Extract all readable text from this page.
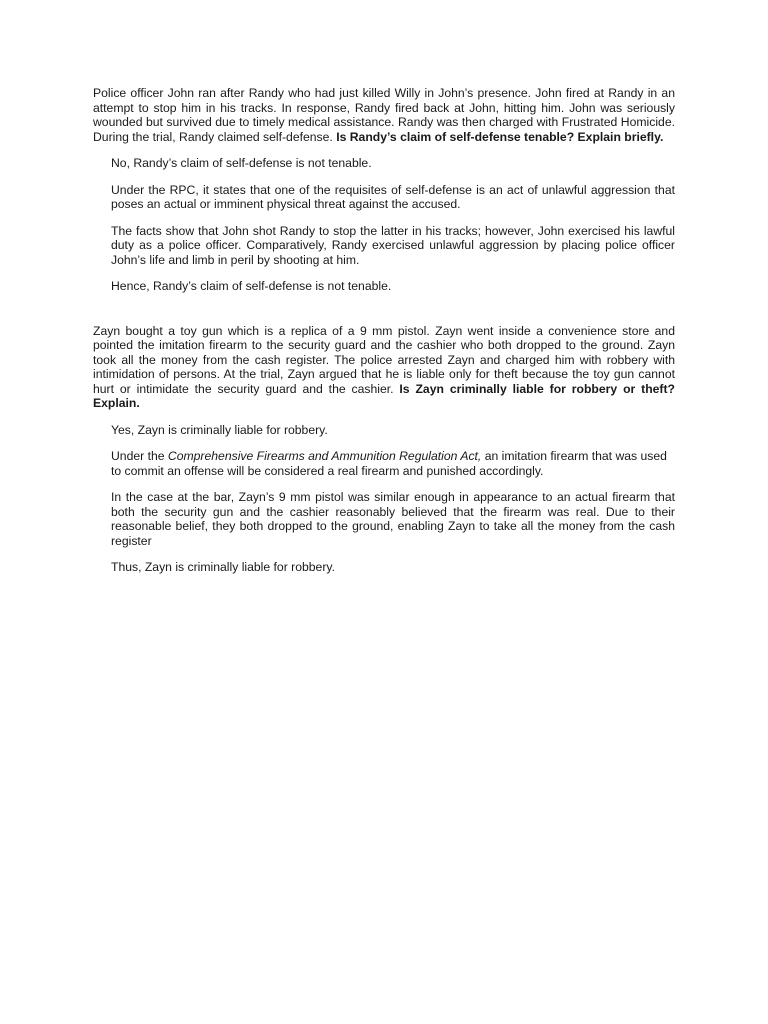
Police officer John ran after Randy who had just killed Willy in John’s presence. John fired at Randy in an attempt to stop him in his tracks. In response, Randy fired back at John, hitting him. John was seriously wounded but survived due to timely medical assistance. Randy was then charged with Frustrated Homicide. During the trial, Randy claimed self-defense. Is Randy’s claim of self-defense tenable? Explain briefly.

No, Randy’s claim of self-defense is not tenable.

Under the RPC, it states that one of the requisites of self-defense is an act of unlawful aggression that poses an actual or imminent physical threat against the accused.

The facts show that John shot Randy to stop the latter in his tracks; however, John exercised his lawful duty as a police officer. Comparatively, Randy exercised unlawful aggression by placing police officer John’s life and limb in peril by shooting at him.

Hence, Randy’s claim of self-defense is not tenable.

Zayn bought a toy gun which is a replica of a 9 mm pistol. Zayn went inside a convenience store and pointed the imitation firearm to the security guard and the cashier who both dropped to the ground. Zayn took all the money from the cash register. The police arrested Zayn and charged him with robbery with intimidation of persons. At the trial, Zayn argued that he is liable only for theft because the toy gun cannot hurt or intimidate the security guard and the cashier. Is Zayn criminally liable for robbery or theft? Explain.

Yes, Zayn is criminally liable for robbery.

Under the Comprehensive Firearms and Ammunition Regulation Act, an imitation firearm that was used to commit an offense will be considered a real firearm and punished accordingly.

In the case at the bar, Zayn’s 9 mm pistol was similar enough in appearance to an actual firearm that both the security gun and the cashier reasonably believed that the firearm was real. Due to their reasonable belief, they both dropped to the ground, enabling Zayn to take all the money from the cash register

Thus, Zayn is criminally liable for robbery.
